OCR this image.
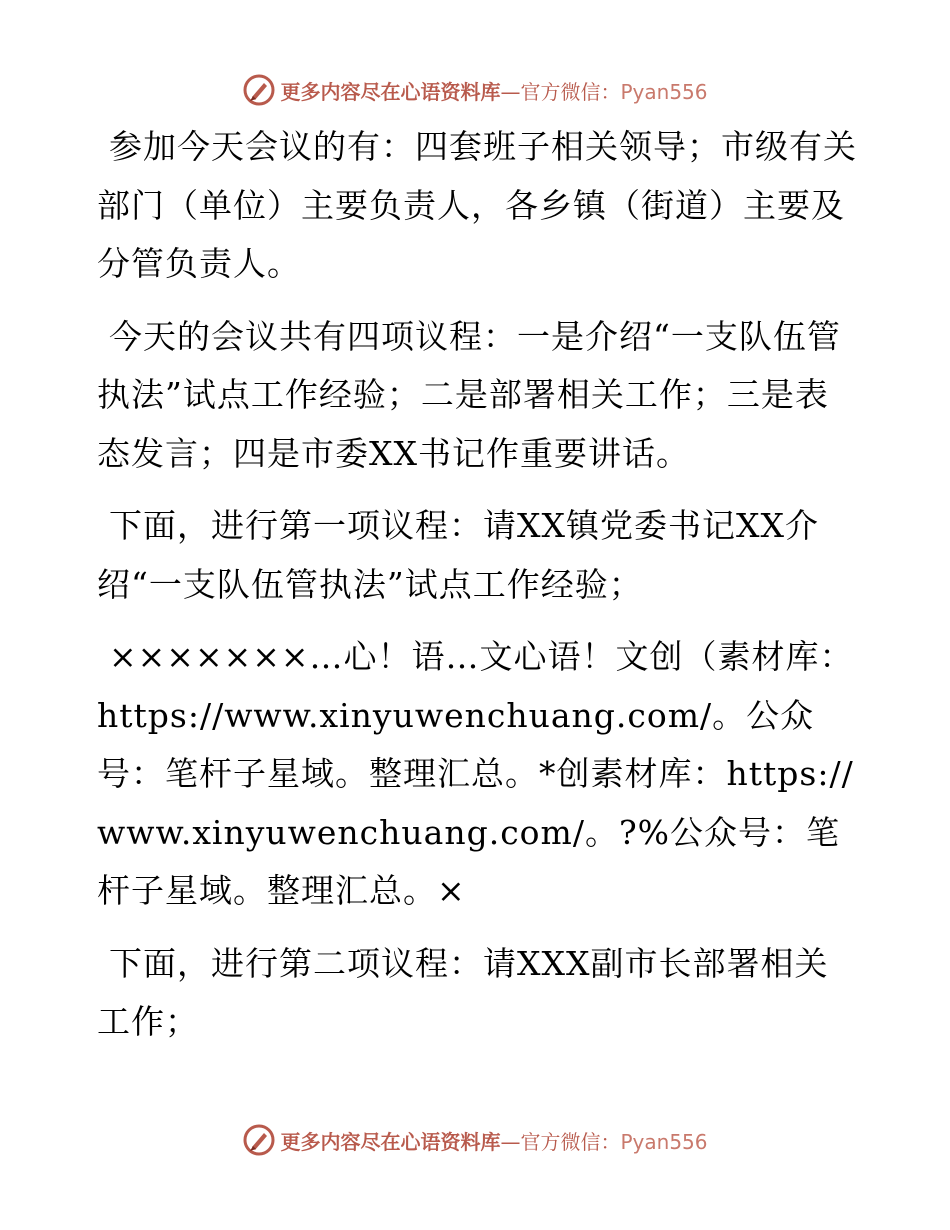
更多内容尽在心语资料库—官方微信：Pyan556

参加今天会议的有：四套班子相关领导；市级有关部门（单位）主要负责人，各乡镇（街道）主要及分管负责人。

今天的会议共有四项议程：一是介绍“一支队伍管执法”试点工作经验；二是部署相关工作；三是表态发言；四是市委XX书记作重要讲话。

下面，进行第一项议程：请XX镇党委书记XX介绍“一支队伍管执法”试点工作经验；

×××××××…心！语…文心语！文创（素材库：https://www.xinyuwenchuang.com/。公众号：笔杆子星域。整理汇总。*创素材库：https://www.xinyuwenchuang.com/。?%公众号：笔杆子星域。整理汇总。×

下面，进行第二项议程：请XXX副市长部署相关工作；

更多内容尽在心语资料库—官方微信：Pyan556
